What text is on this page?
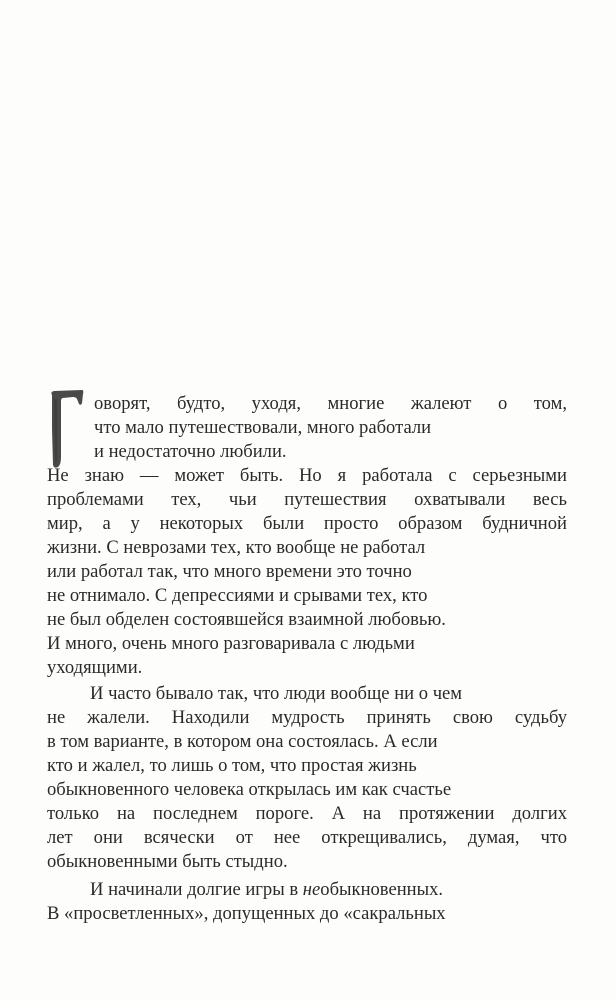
оворят, будто, уходя, многие жалеют о том,
что мало путешествовали, много работали
и недостаточно любили.
Не знаю — может быть. Но я работала с серьезными
проблемами тех, чьи путешествия охватывали весь
мир, а у некоторых были просто образом будничной
жизни. С неврозами тех, кто вообще не работал
или работал так, что много времени это точно
не отнимало. С депрессиями и срывами тех, кто
не был обделен состоявшейся взаимной любовью.
И много, очень много разговаривала с людьми
уходящими.
И часто бывало так, что люди вообще ни о чем
не жалели. Находили мудрость принять свою судьбу
в том варианте, в котором она состоялась. А если
кто и жалел, то лишь о том, что простая жизнь
обыкновенного человека открылась им как счастье
только на последнем пороге. А на протяжении долгих
лет они всячески от нее открещивались, думая, что
обыкновенными быть стыдно.
И начинали долгие игры в необыкновенных.
В «просветленных», допущенных до «сакральных
